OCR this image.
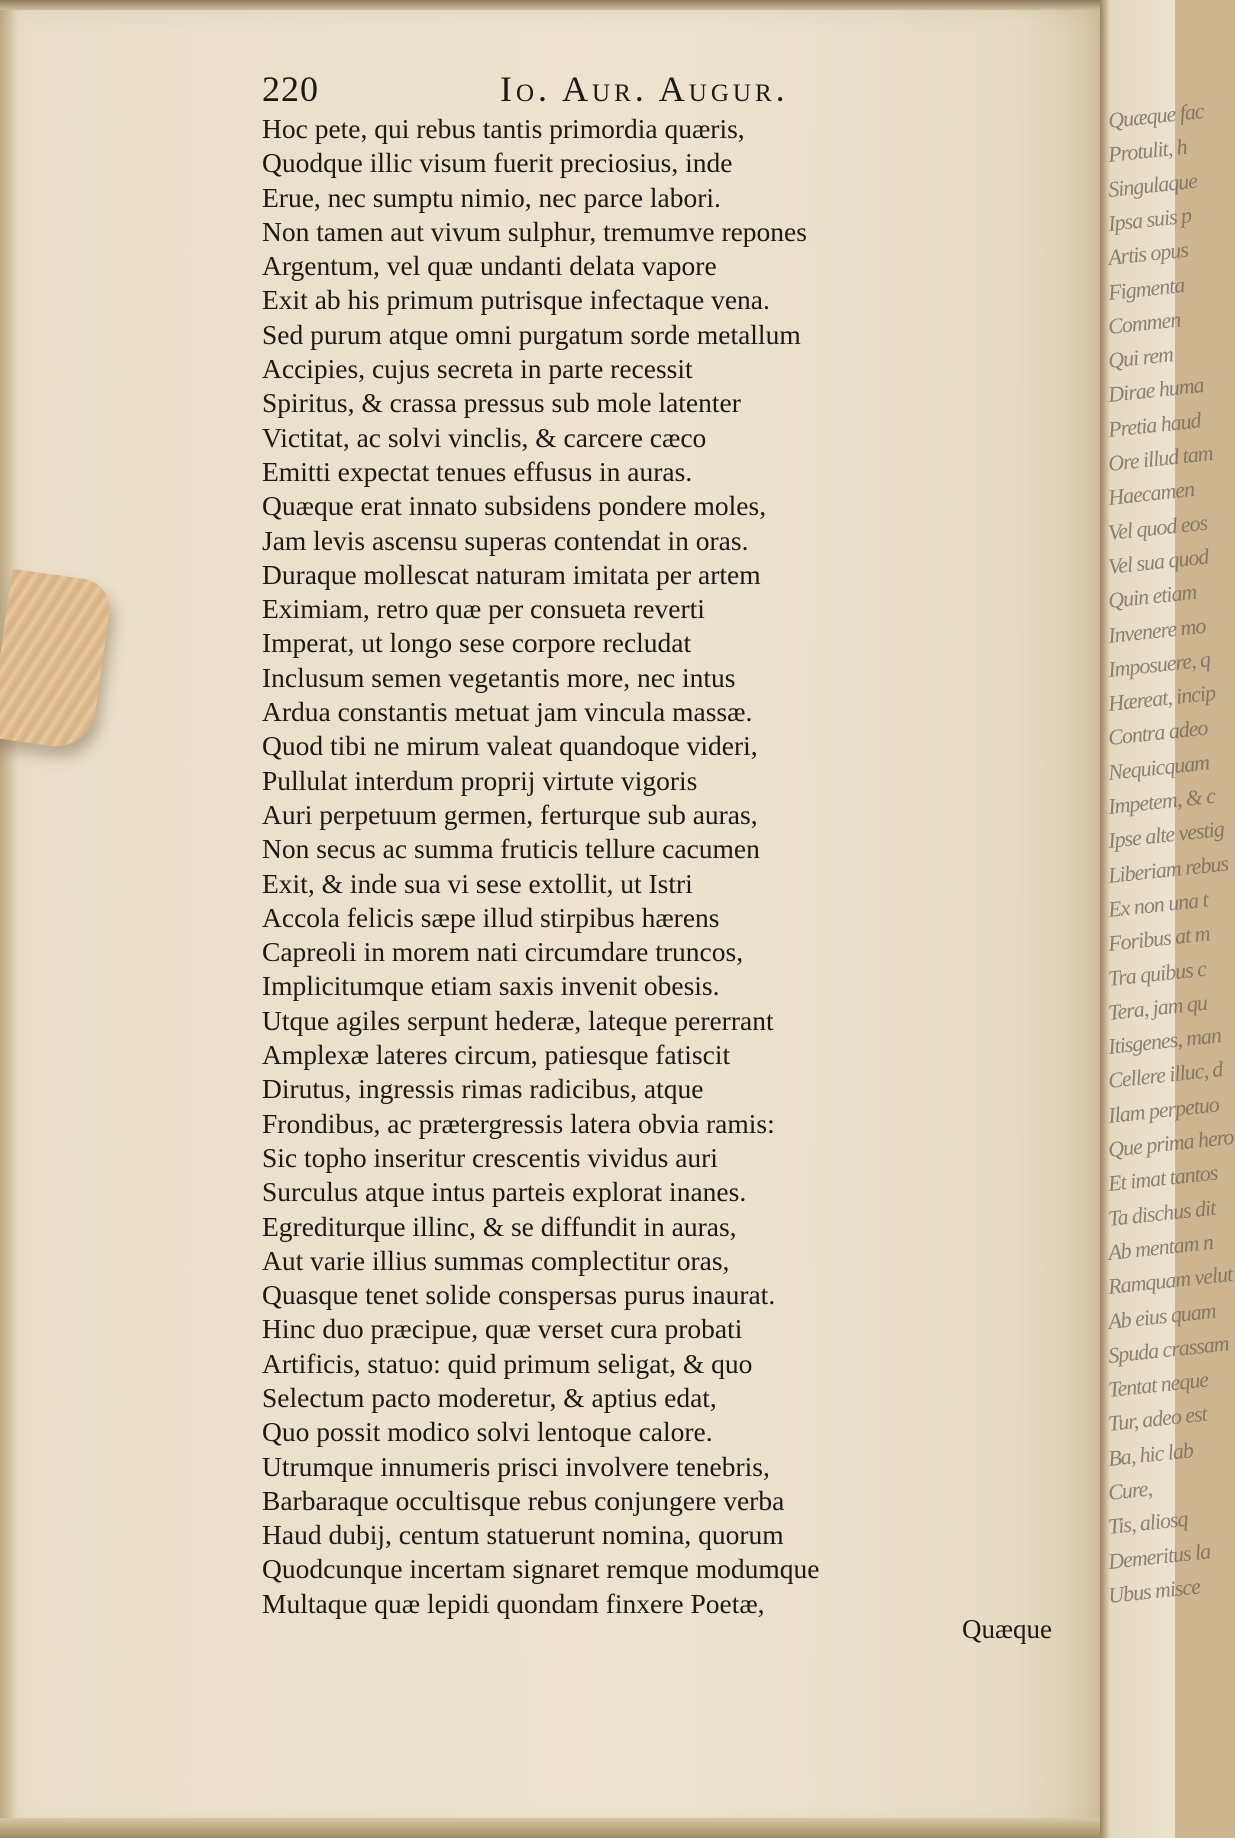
220	Io. Aur. Augur.
Hoc pete, qui rebus tantis primordia quæris,
Quodque illic visum fuerit preciosius, inde
Erue, nec sumptu nimio, nec parce labori.
Non tamen aut vivum sulphur, tremumve repones
Argentum, vel quæ undanti delata vapore
Exit ab his primum putrisque infectaque vena.
Sed purum atque omni purgatum sorde metallum
Accipies, cujus secreta in parte recessit
Spiritus, & crassa pressus sub mole latenter
Victitat, ac solvi vinclis, & carcere cæco
Emitti expectat tenues effusus in auras.
Quæque erat innato subsidens pondere moles,
Jam levis ascensu superas contendat in oras.
Duraque mollescat naturam imitata per artem
Eximiam, retro quæ per consueta reverti
Imperat, ut longo sese corpore recludat
Inclusum semen vegetantis more, nec intus
Ardua constantis metuat jam vincula massæ.
Quod tibi ne mirum valeat quandoque videri,
Pullulat interdum proprij virtute vigoris
Auri perpetuum germen, ferturque sub auras,
Non secus ac summa fruticis tellure cacumen
Exit, & inde sua vi sese extollit, ut Istri
Accola felicis sæpe illud stirpibus hærens
Capreoli in morem nati circumdare truncos,
Implicitumque etiam saxis invenit obesis.
Utque agiles serpunt hederæ, lateque pererrant
Amplexæ lateres circum, patiesque fatiscit
Dirutus, ingressis rimas radicibus, atque
Frondibus, ac prætergressis latera obvia ramis:
Sic topho inseritur crescentis vividus auri
Surculus atque intus parteis explorat inanes.
Egrediturque illinc, & se diffundit in auras,
Aut varie illius summas complectitur oras,
Quasque tenet solide conspersas purus inaurat.
Hinc duo præcipue, quæ verset cura probati
Artificis, statuo: quid primum seligat, & quo
Selectum pacto moderetur, & aptius edat,
Quo possit modico solvi lentoque calore.
Utrumque innumeris prisci involvere tenebris,
Barbaraque occultisque rebus conjungere verba
Haud dubij, centum statuerunt nomina, quorum
Quodcunque incertam signaret remque modumque
Multaque quæ lepidi quondam finxere Poetæ,
Quæque
Quæque fac
Protulit, h
Singulaque
Ipsa suis p
Artis opus
Figmenta
Commen
Qui rem
Dirae huma
Pretia haud
Ore illud tam
Haecamen
Vel quod eos
Vel sua quod
Quin etiam
Invenere mo
Imposuere, q
Hæreat, incip
Contra adeo
Nequicquam
Impetem, & c
Ipse alte vestig
Liberiam rebus
Ex non una t
Foribus at m
Tra quibus c
Tera, jam qu
Itisgenes, man
Cellere illuc, d
Ilam perpetuo
Que prima hero
Et imat tantos
Ta dischus dit
Ab mentam n
Ramquam velut
Ab eius quam
Spuda crassam
Tentat neque
Tur, adeo est
Ba, hic lab
Cure,
Tis, aliosq
Demeritus la
Ubus misce
